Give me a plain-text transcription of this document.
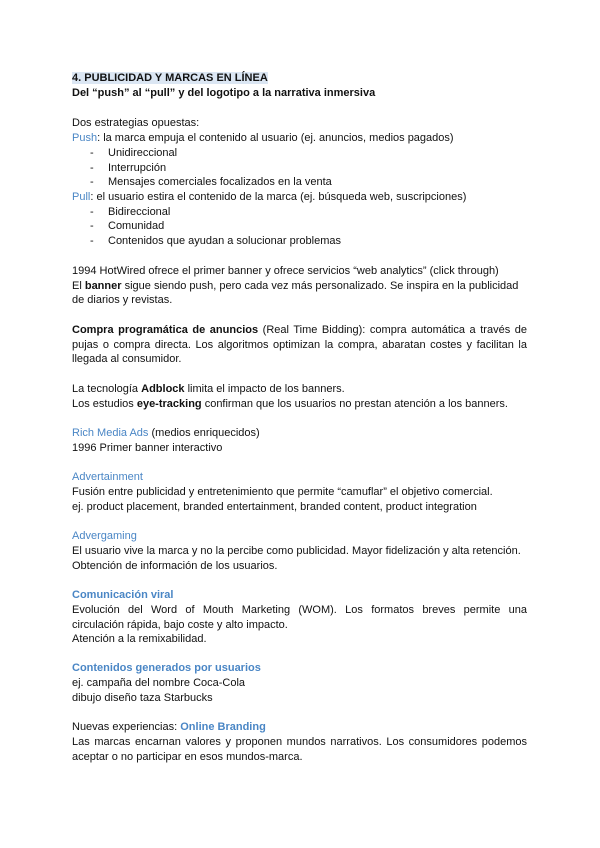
4. PUBLICIDAD Y MARCAS EN LÍNEA
Del “push” al “pull” y del logotipo a la narrativa inmersiva
Dos estrategias opuestas:
Push: la marca empuja el contenido al usuario (ej. anuncios, medios pagados)
- Unidireccional
- Interrupción
- Mensajes comerciales focalizados en la venta
Pull: el usuario estira el contenido de la marca (ej. búsqueda web, suscripciones)
- Bidireccional
- Comunidad
- Contenidos que ayudan a solucionar problemas
1994 HotWired ofrece el primer banner y ofrece servicios “web analytics” (click through)
El banner sigue siendo push, pero cada vez más personalizado. Se inspira en la publicidad
de diarios y revistas.
Compra programática de anuncios (Real Time Bidding): compra automática a través de
pujas o compra directa. Los algoritmos optimizan la compra, abaratan costes y facilitan la
llegada al consumidor.
La tecnología Adblock limita el impacto de los banners.
Los estudios eye-tracking confirman que los usuarios no prestan atención a los banners.
Rich Media Ads (medios enriquecidos)
1996 Primer banner interactivo
Advertainment
Fusión entre publicidad y entretenimiento que permite “camuflar” el objetivo comercial.
ej. product placement, branded entertainment, branded content, product integration
Advergaming
El usuario vive la marca y no la percibe como publicidad. Mayor fidelización y alta retención.
Obtención de información de los usuarios.
Comunicación viral
Evolución del Word of Mouth Marketing (WOM). Los formatos breves permite una
circulación rápida, bajo coste y alto impacto.
Atención a la remixabilidad.
Contenidos generados por usuarios
ej. campaña del nombre Coca-Cola
dibujo diseño taza Starbucks
Nuevas experiencias: Online Branding
Las marcas encarnan valores y proponen mundos narrativos. Los consumidores podemos
aceptar o no participar en esos mundos-marca.
